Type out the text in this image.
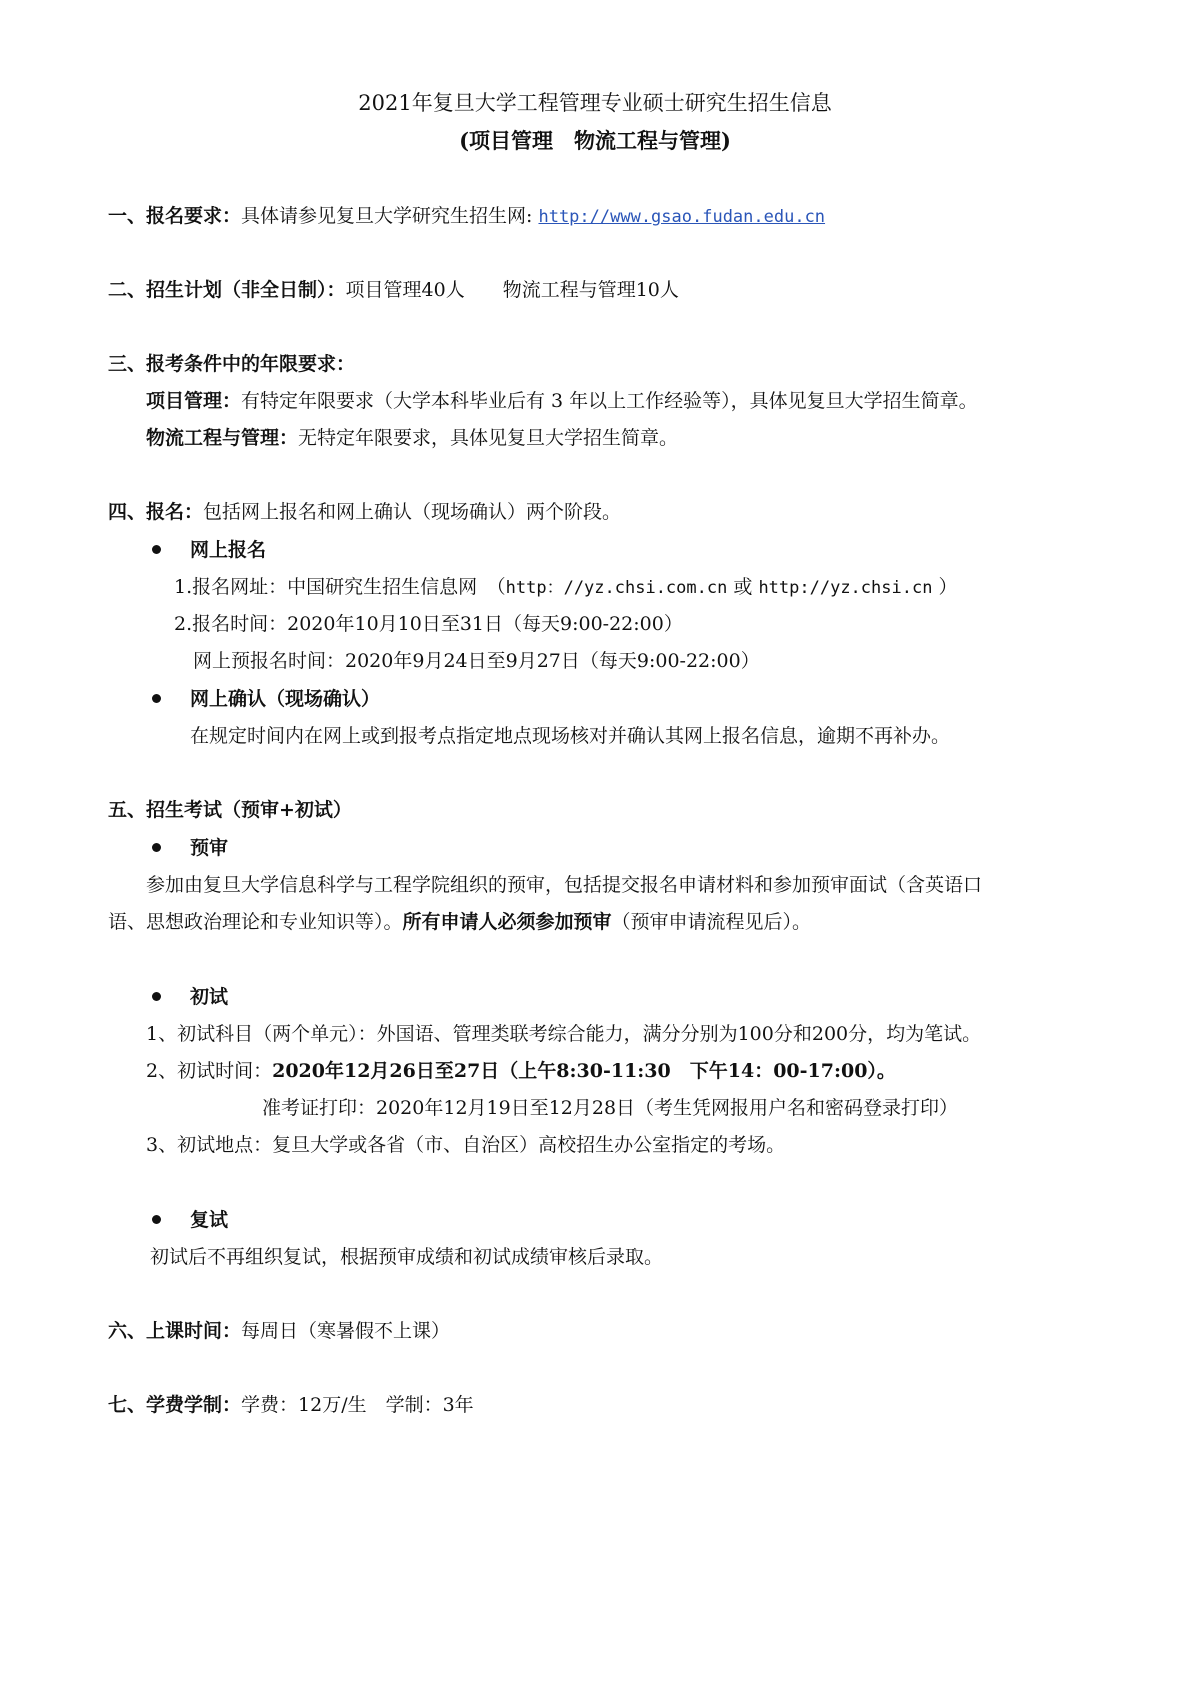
2021年复旦大学工程管理专业硕士研究生招生信息
(项目管理　物流工程与管理)
一、报名要求：具体请参见复旦大学研究生招生网: http://www.gsao.fudan.edu.cn
二、招生计划（非全日制）：项目管理40人　　物流工程与管理10人
三、报考条件中的年限要求：
项目管理：有特定年限要求（大学本科毕业后有 3 年以上工作经验等），具体见复旦大学招生简章。
物流工程与管理：无特定年限要求，具体见复旦大学招生简章。
四、报名：包括网上报名和网上确认（现场确认）两个阶段。
网上报名
1.报名网址：中国研究生招生信息网　（http：//yz.chsi.com.cn 或 http://yz.chsi.cn ）
2.报名时间：2020年10月10日至31日（每天9:00-22:00）
网上预报名时间：2020年9月24日至9月27日（每天9:00-22:00）
网上确认（现场确认）
在规定时间内在网上或到报考点指定地点现场核对并确认其网上报名信息，逾期不再补办。
五、招生考试（预审+初试）
预审
参加由复旦大学信息科学与工程学院组织的预审，包括提交报名申请材料和参加预审面试（含英语口
语、思想政治理论和专业知识等）。所有申请人必须参加预审（预审申请流程见后）。
初试
1、初试科目（两个单元）：外国语、管理类联考综合能力，满分分别为100分和200分，均为笔试。
2、初试时间：2020年12月26日至27日（上午8:30-11:30　下午14：00-17:00）。
准考证打印：2020年12月19日至12月28日（考生凭网报用户名和密码登录打印）
3、初试地点：复旦大学或各省（市、自治区）高校招生办公室指定的考场。
复试
初试后不再组织复试，根据预审成绩和初试成绩审核后录取。
六、上课时间：每周日（寒暑假不上课）
七、学费学制：学费：12万/生　学制：3年
